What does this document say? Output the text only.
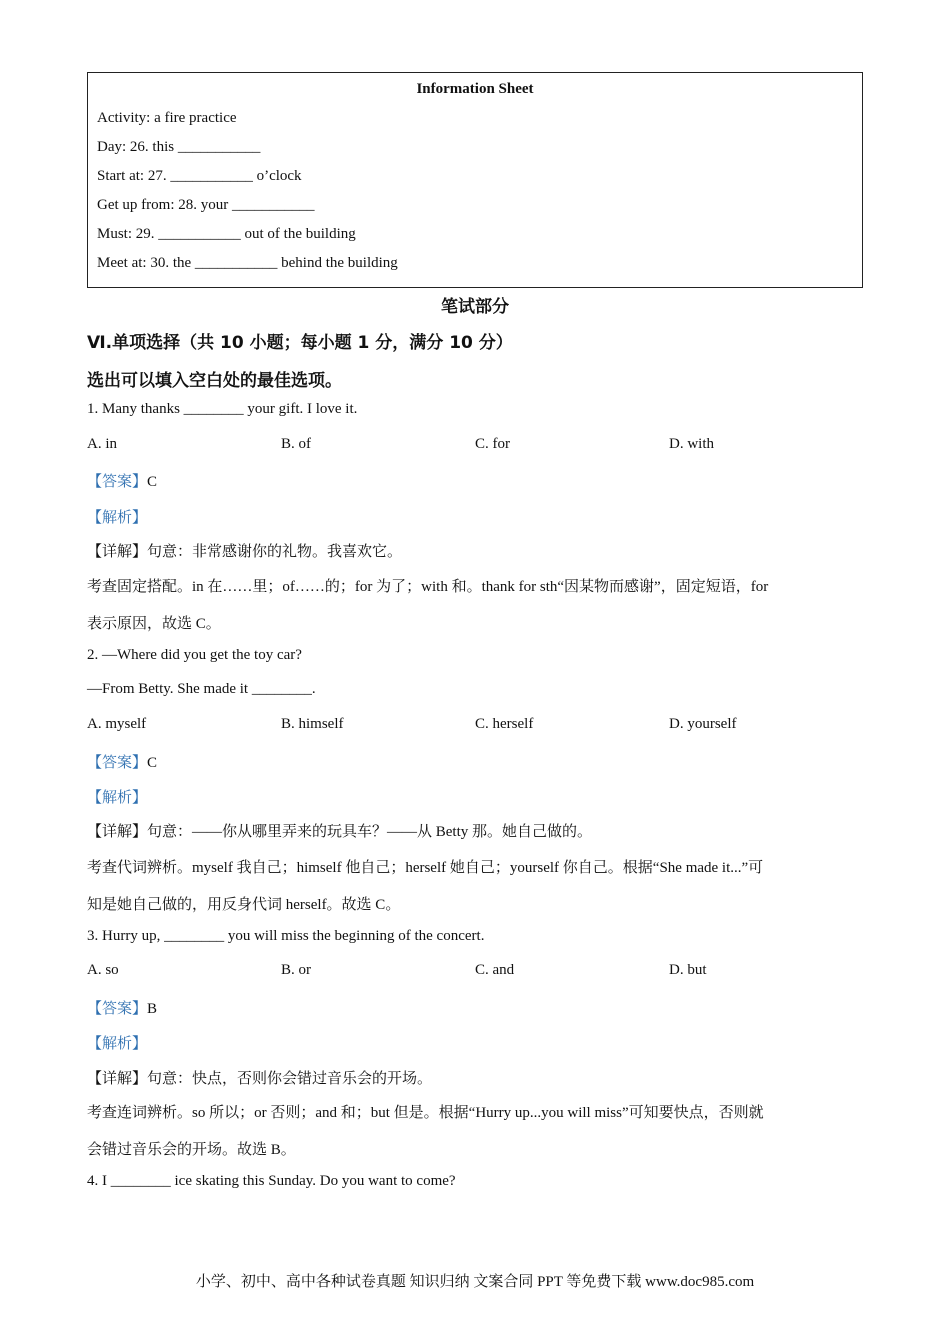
Information Sheet
Activity: a fire practice
Day: 26. this ___________
Start at: 27. ___________ o’clock
Get up from: 28. your ___________
Must: 29. ___________ out of the building
Meet at: 30. the ___________ behind the building
笔试部分
Ⅵ.单项选择（共 10 小题；每小题 1 分，满分 10 分）
选出可以填入空白处的最佳选项。
1. Many thanks ________ your gift. I love it.
A. in	B. of	C. for	D. with
【答案】C
【解析】
【详解】句意：非常感谢你的礼物。我喜欢它。
考查固定搭配。in 在……里；of……的；for 为了；with 和。thank for sth“因某物而感谢”，固定短语，for
表示原因，故选 C。
2. —Where did you get the toy car?
—From Betty. She made it ________.
A. myself	B. himself	C. herself	D. yourself
【答案】C
【解析】
【详解】句意：——你从哪里弄来的玩具车？——从 Betty 那。她自己做的。
考查代词辨析。myself 我自己；himself 他自己；herself 她自己；yourself 你自己。根据“She made it...”可
知是她自己做的，用反身代词 herself。故选 C。
3. Hurry up, ________ you will miss the beginning of the concert.
A. so	B. or	C. and	D. but
【答案】B
【解析】
【详解】句意：快点，否则你会错过音乐会的开场。
考查连词辨析。so 所以；or 否则；and 和；but 但是。根据“Hurry up...you will miss”可知要快点，否则就
会错过音乐会的开场。故选 B。
4. I ________ ice skating this Sunday. Do you want to come?
小学、初中、高中各种试卷真题 知识归纳 文案合同 PPT 等免费下载 www.doc985.com
